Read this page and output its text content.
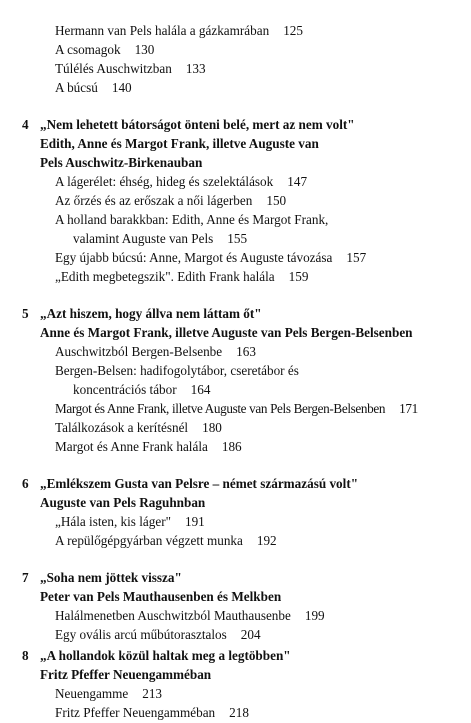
Hermann van Pels halála a gázkamrában 125
A csomagok 130
Túlélés Auschwitzban 133
A búcsú 140
4 „Nem lehetett bátorságot önteni belé, mert az nem volt"
Edith, Anne és Margot Frank, illetve Auguste van
Pels Auschwitz-Birkenauban
A lágerélet: éhség, hideg és szelektálások 147
Az őrzés és az erőszak a női lágerben 150
A holland barakkban: Edith, Anne és Margot Frank,
valamint Auguste van Pels 155
Egy újabb búcsú: Anne, Margot és Auguste távozása 157
„Edith megbetegszik". Edith Frank halála 159
5 „Azt hiszem, hogy állva nem láttam őt"
Anne és Margot Frank, illetve Auguste van Pels Bergen-Belsenben
Auschwitzból Bergen-Belsenbe 163
Bergen-Belsen: hadifogolytábor, cseretábor és
koncentrációs tábor 164
Margot és Anne Frank, illetve Auguste van Pels Bergen-Belsenben 171
Találkozások a kerítésnél 180
Margot és Anne Frank halála 186
6 „Emlékszem Gusta van Pelsre – német származású volt"
Auguste van Pels Raguhnban
„Hála isten, kis láger" 191
A repülőgépgyárban végzett munka 192
7 „Soha nem jöttek vissza"
Peter van Pels Mauthausenben és Melkben
Halálmenetben Auschwitzból Mauthausenbe 199
Egy ovális arcú műbútorasztalos 204
8 „A hollandok közül haltak meg a legtöbben"
Fritz Pfeffer Neuengamméban
Neuengamme 213
Fritz Pfeffer Neuengamméban 218
